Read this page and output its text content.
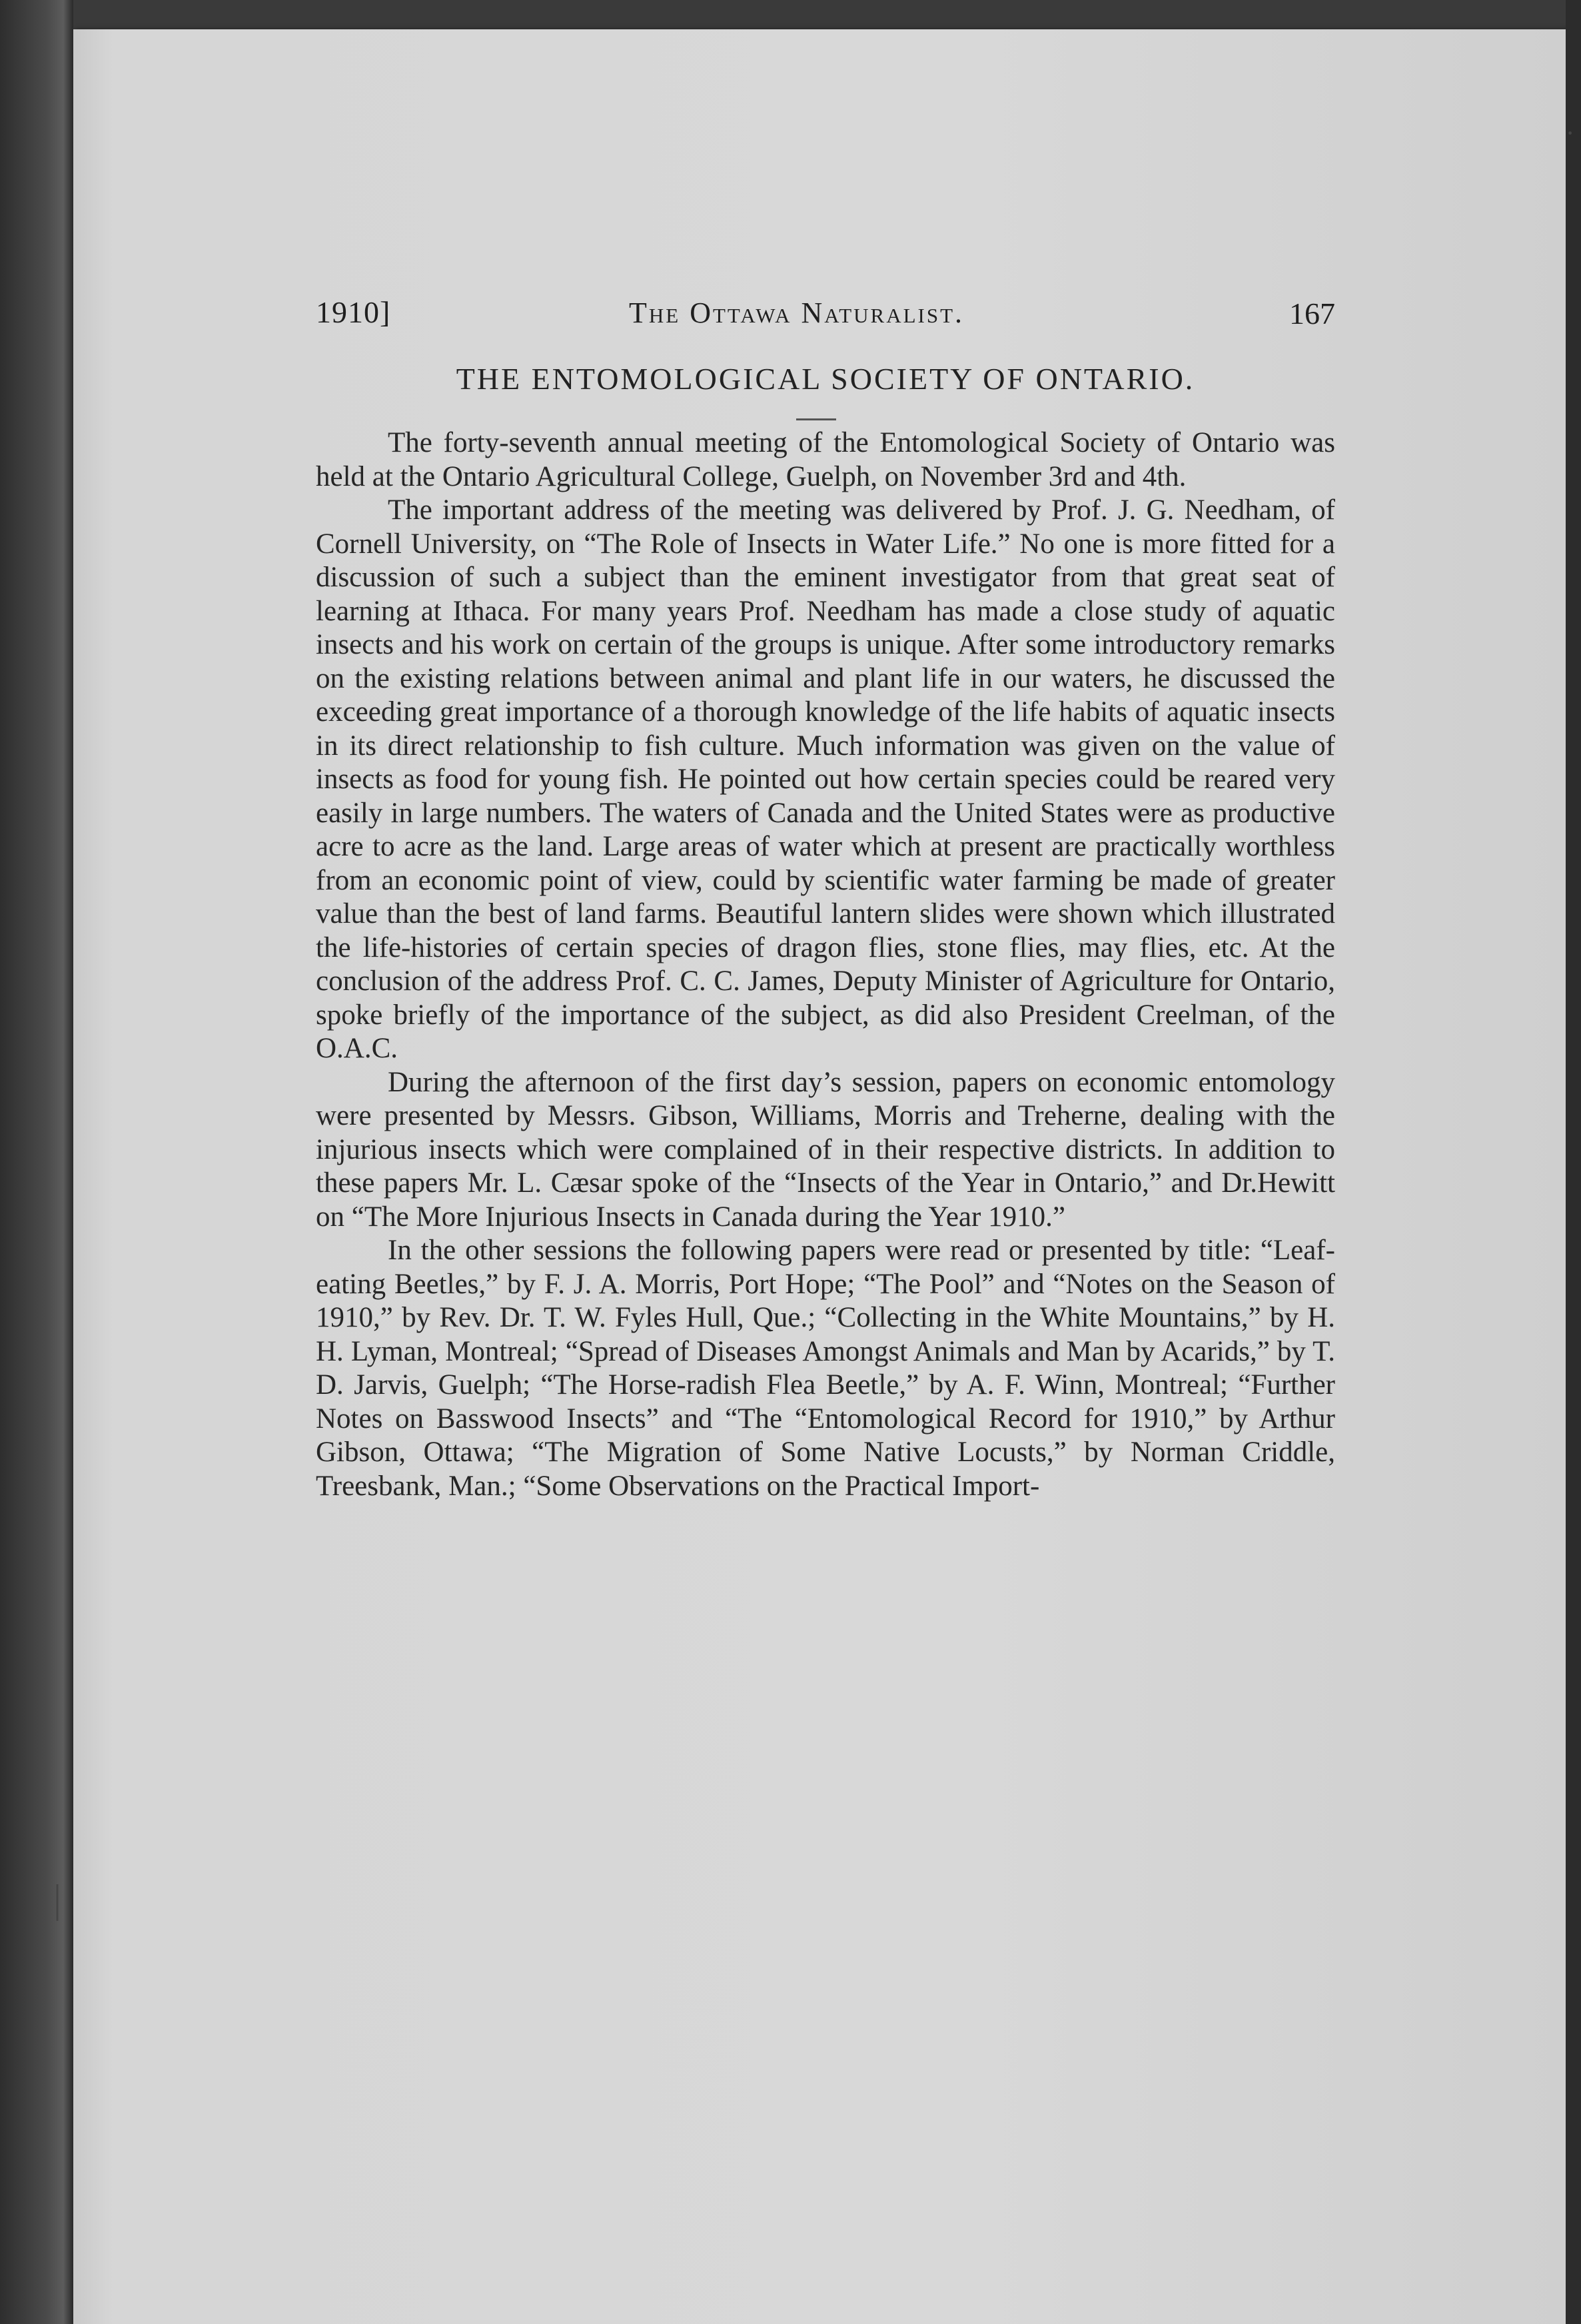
·
|
1910]	The Ottawa Naturalist.	167
THE ENTOMOLOGICAL SOCIETY OF ONTARIO.

The forty-seventh annual meeting of the Entomological Society of Ontario was held at the Ontario Agricultural College, Guelph, on November 3rd and 4th.

The important address of the meeting was delivered by Prof. J. G. Needham, of Cornell University, on “The Role of Insects in Water Life.” No one is more fitted for a discussion of such a subject than the eminent investigator from that great seat of learning at Ithaca. For many years Prof. Needham has made a close study of aquatic insects and his work on certain of the groups is unique. After some introductory remarks on the existing relations between animal and plant life in our waters, he discussed the exceeding great importance of a thorough knowledge of the life habits of aquatic insects in its direct relationship to fish culture. Much information was given on the value of insects as food for young fish. He pointed out how certain species could be reared very easily in large numbers. The waters of Canada and the United States were as productive acre to acre as the land. Large areas of water which at present are practically worthless from an economic point of view, could by scientific water farming be made of greater value than the best of land farms. Beautiful lantern slides were shown which illustrated the life-histories of certain species of dragon flies, stone flies, may flies, etc. At the conclusion of the address Prof. C. C. James, Deputy Minister of Agriculture for Ontario, spoke briefly of the importance of the subject, as did also President Creelman, of the O.A.C.

During the afternoon of the first day’s session, papers on economic entomology were presented by Messrs. Gibson, Williams, Morris and Treherne, dealing with the injurious insects which were complained of in their respective districts. In addition to these papers Mr. L. Cæsar spoke of the “Insects of the Year in Ontario,” and Dr.Hewitt on “The More Injurious Insects in Canada during the Year 1910.”

In the other sessions the following papers were read or presented by title: “Leaf-eating Beetles,” by F. J. A. Morris, Port Hope; “The Pool” and “Notes on the Season of 1910,” by Rev. Dr. T. W. Fyles Hull, Que.; “Collecting in the White Mountains,” by H. H. Lyman, Montreal; “Spread of Diseases Amongst Animals and Man by Acarids,” by T. D. Jarvis, Guelph; “The Horse-radish Flea Beetle,” by A. F. Winn, Montreal; “Further Notes on Basswood Insects” and “The “Entomological Record for 1910,” by Arthur Gibson, Ottawa; “The Migration of Some Native Locusts,” by Norman Criddle, Treesbank, Man.; “Some Observations on the Practical Import-
